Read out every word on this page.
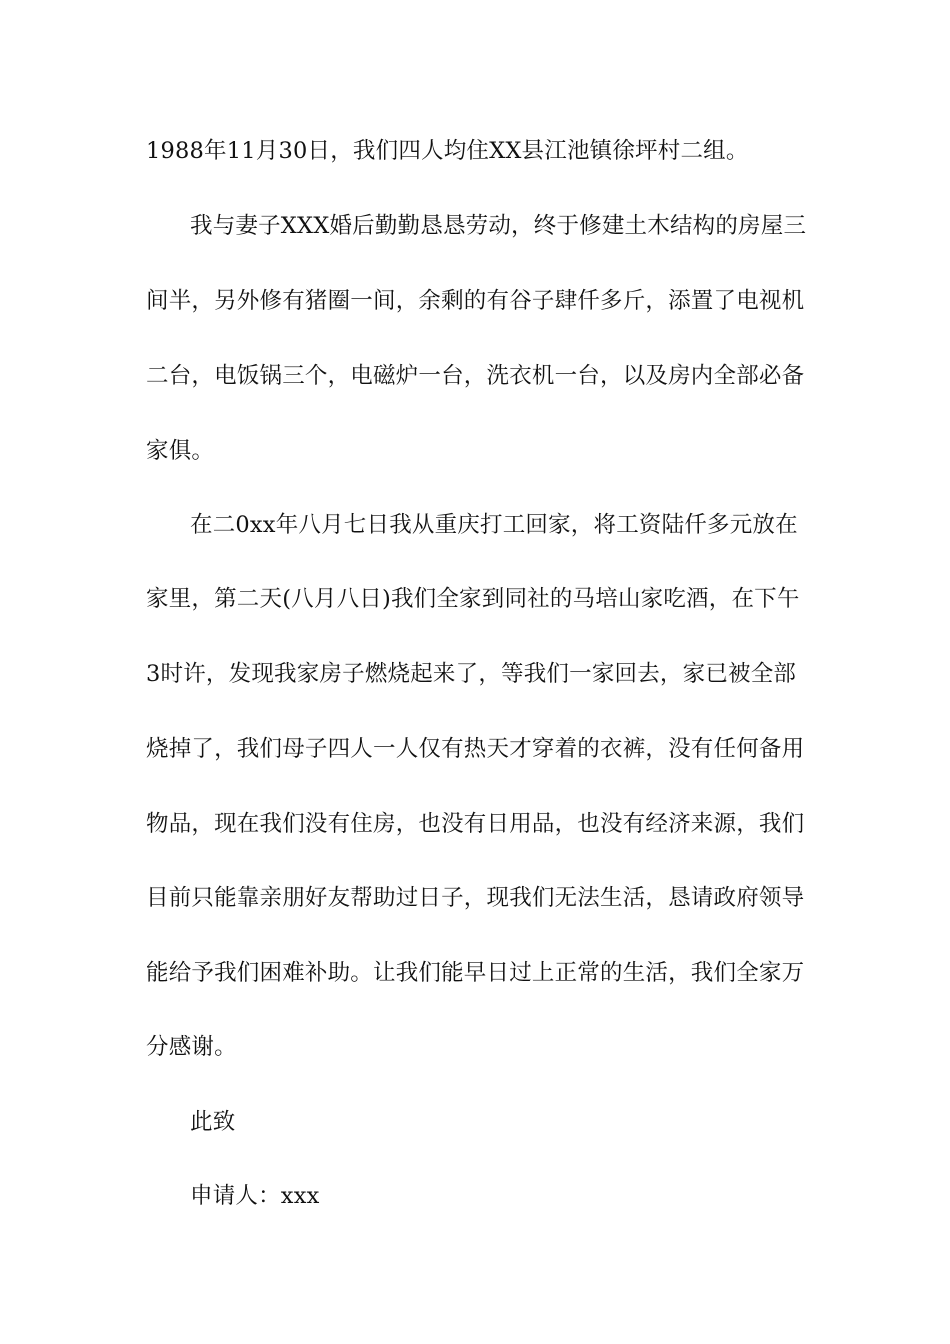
1988年11月30日，我们四人均住XX县江池镇徐坪村二组。
我与妻子XXX婚后勤勤恳恳劳动，终于修建土木结构的房屋三
间半，另外修有猪圈一间，余剩的有谷子肆仟多斤，添置了电视机
二台，电饭锅三个，电磁炉一台，洗衣机一台，以及房内全部必备
家俱。
在二0xx年八月七日我从重庆打工回家，将工资陆仟多元放在
家里，第二天(八月八日)我们全家到同社的马培山家吃酒，在下午
3时许，发现我家房子燃烧起来了，等我们一家回去，家已被全部
烧掉了，我们母子四人一人仅有热天才穿着的衣裤，没有任何备用
物品，现在我们没有住房，也没有日用品，也没有经济来源，我们
目前只能靠亲朋好友帮助过日子，现我们无法生活，恳请政府领导
能给予我们困难补助。让我们能早日过上正常的生活，我们全家万
分感谢。
此致
申请人：xxx
